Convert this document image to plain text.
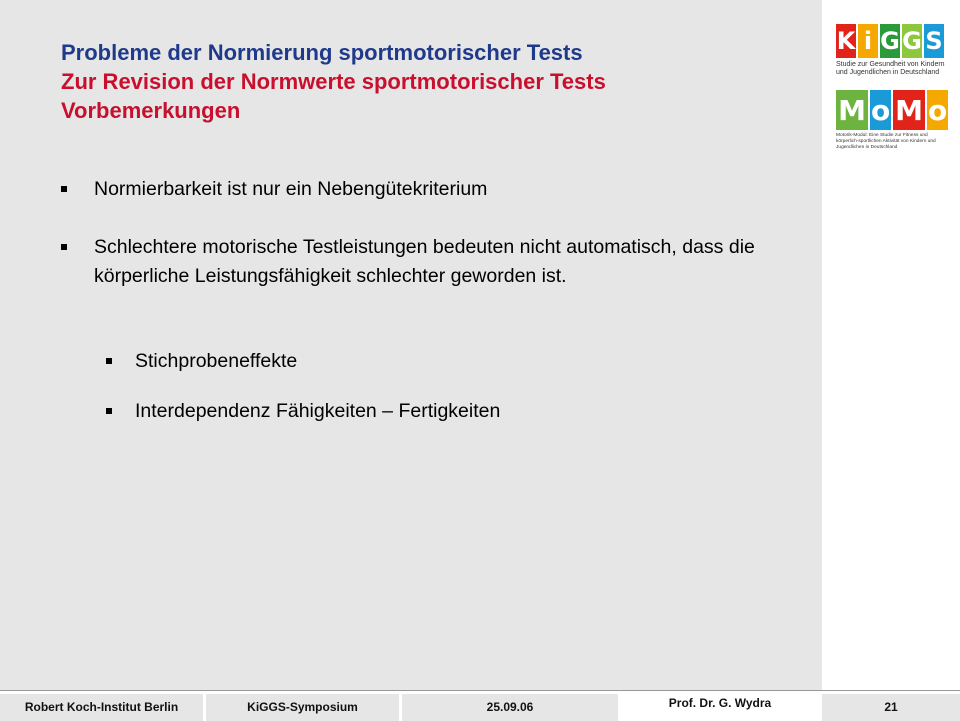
Probleme der Normierung sportmotorischer Tests
Zur Revision der Normwerte sportmotorischer Tests
Vorbemerkungen
Normierbarkeit ist nur ein Nebengütekriterium
Schlechtere motorische Testleistungen bedeuten nicht automatisch, dass die körperliche Leistungsfähigkeit schlechter geworden ist.
Stichprobeneffekte
Interdependenz Fähigkeiten – Fertigkeiten
K i G G S
Studie zur Gesundheit von Kindern und Jugendlichen in Deutschland
M o M o
Motorik-Modul: Eine Studie zur Fitness und körperlich-sportlichen Aktivität von Kindern und Jugendlichen in Deutschland
Robert Koch-Institut Berlin	KiGGS-Symposium	25.09.06	Prof. Dr. G. Wydra	21
